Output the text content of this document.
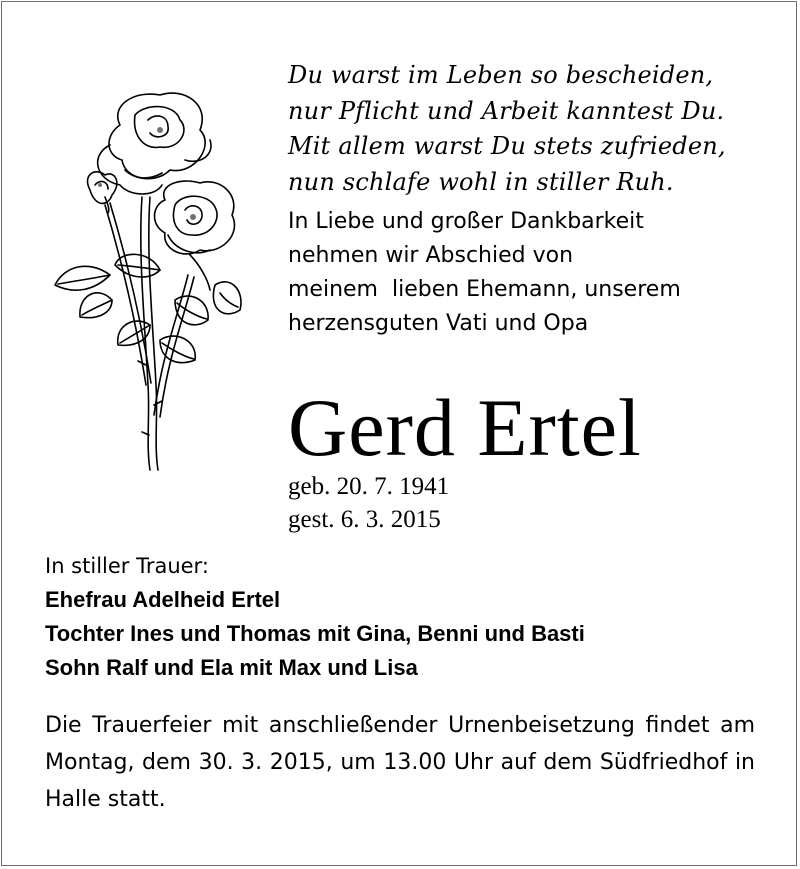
Du warst im Leben so bescheiden,
nur Pflicht und Arbeit kanntest Du.
Mit allem warst Du stets zufrieden,
nun schlafe wohl in stiller Ruh.
In Liebe und großer Dankbarkeit
nehmen wir Abschied von
meinem  lieben Ehemann, unserem
herzensguten Vati und Opa
Gerd Ertel
geb. 20. 7. 1941
gest. 6. 3. 2015
In stiller Trauer:
Ehefrau Adelheid Ertel
Tochter Ines und Thomas mit Gina, Benni und Basti
Sohn Ralf und Ela mit Max und Lisa
Die Trauerfeier mit anschließender Urnenbeisetzung findet am Montag, dem 30. 3. 2015, um 13.00 Uhr auf dem Südfriedhof in Halle statt.
